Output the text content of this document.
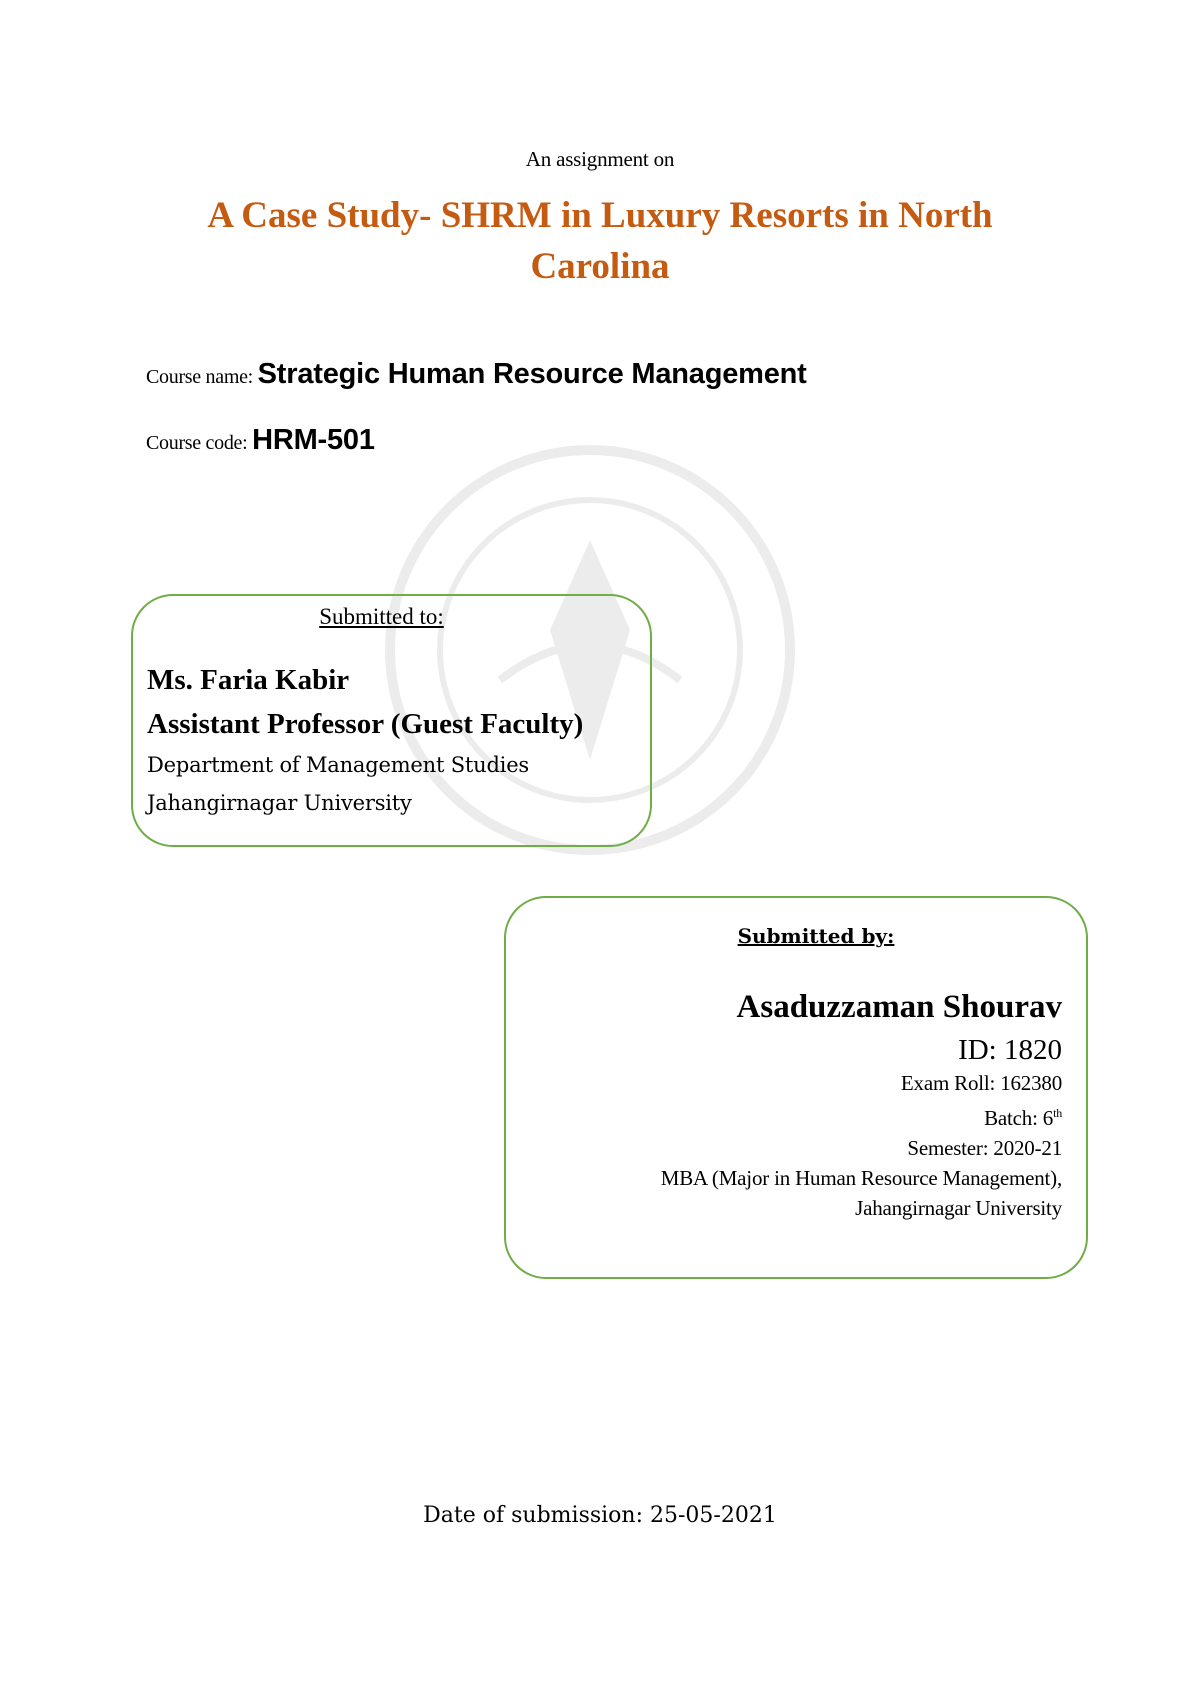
An assignment on
A Case Study- SHRM in Luxury Resorts in North Carolina
Course name: Strategic Human Resource Management
Course code: HRM-501
Submitted to:
Ms. Faria Kabir
Assistant Professor (Guest Faculty)
Department of Management Studies
Jahangirnagar University
Submitted by:
Asaduzzaman Shourav
ID: 1820
Exam Roll: 162380
Batch: 6th
Semester: 2020-21
MBA (Major in Human Resource Management),
Jahangirnagar University
Date of submission: 25-05-2021
